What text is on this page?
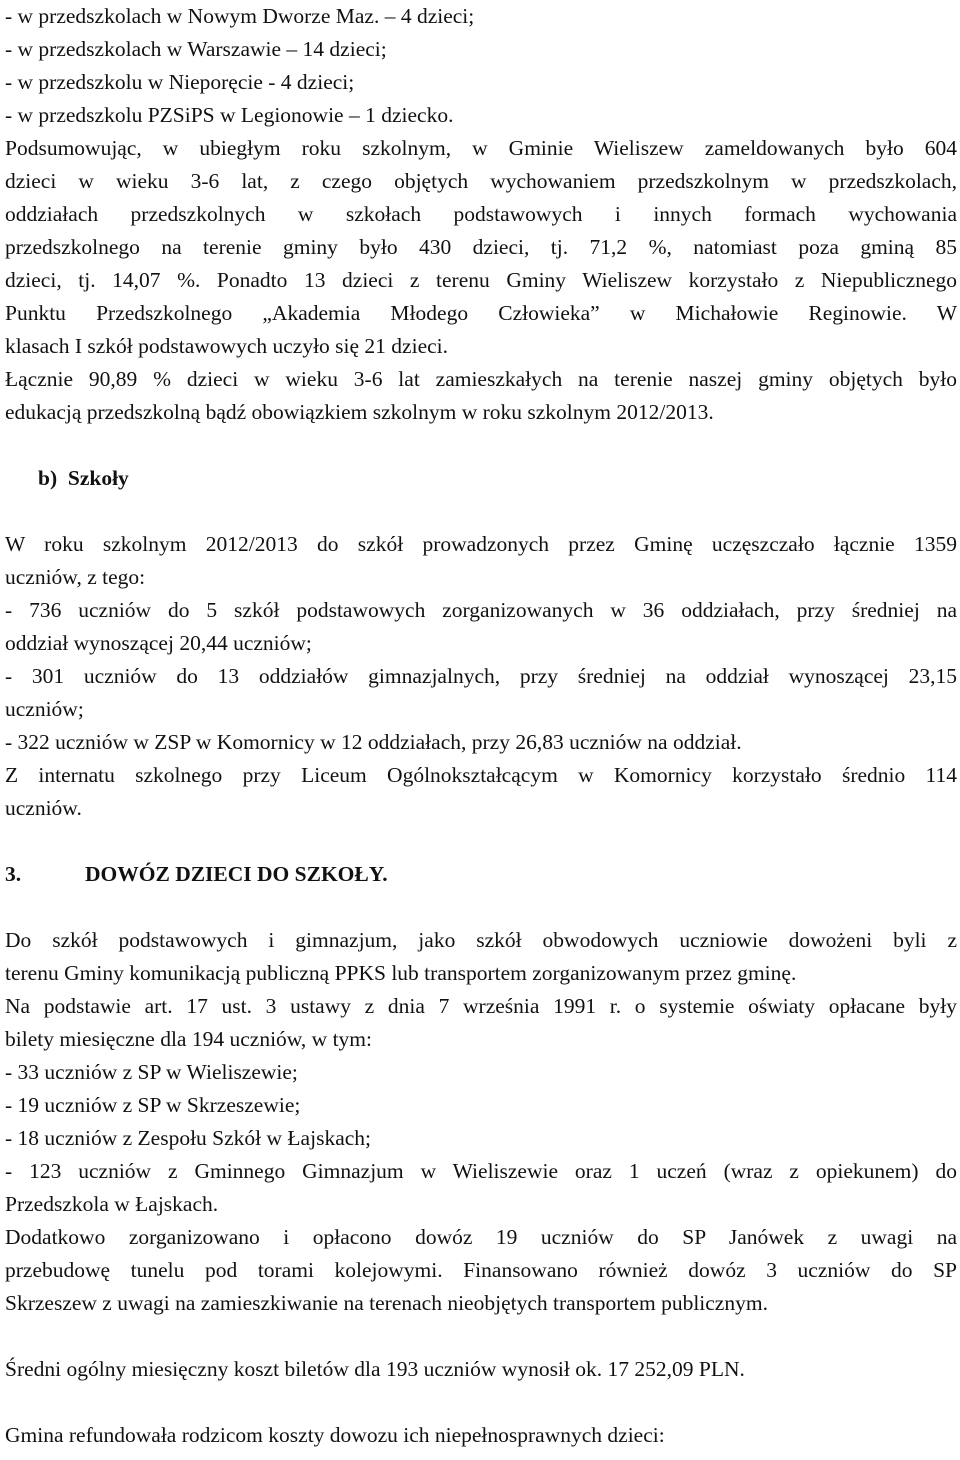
- w przedszkolach w Nowym Dworze Maz. – 4 dzieci;
- w przedszkolach w Warszawie – 14 dzieci;
- w przedszkolu w Nieporęcie - 4 dzieci;
- w przedszkolu PZSiPS w Legionowie – 1 dziecko.
Podsumowując, w ubiegłym roku szkolnym, w Gminie Wieliszew zameldowanych było 604
dzieci w wieku 3-6 lat, z czego objętych wychowaniem przedszkolnym w przedszkolach,
oddziałach przedszkolnych w szkołach podstawowych i innych formach wychowania
przedszkolnego na terenie gminy było 430 dzieci, tj. 71,2 %, natomiast poza gminą 85
dzieci, tj. 14,07 %. Ponadto 13 dzieci z terenu Gminy Wieliszew korzystało z Niepublicznego
Punktu Przedszkolnego „Akademia Młodego Człowieka” w Michałowie Reginowie. W
klasach I szkół podstawowych uczyło się 21 dzieci.
Łącznie 90,89 % dzieci w wieku 3-6 lat zamieszkałych na terenie naszej gminy objętych było
edukacją przedszkolną bądź obowiązkiem szkolnym w roku szkolnym 2012/2013.
b)  Szkoły
W roku szkolnym 2012/2013 do szkół prowadzonych przez Gminę uczęszczało łącznie 1359
uczniów, z tego:
- 736 uczniów do 5 szkół podstawowych zorganizowanych w 36 oddziałach, przy średniej na
oddział wynoszącej 20,44 uczniów;
- 301 uczniów do 13 oddziałów gimnazjalnych, przy średniej na oddział wynoszącej 23,15
uczniów;
- 322 uczniów w ZSP w Komornicy w 12 oddziałach, przy 26,83 uczniów na oddział.
Z internatu szkolnego przy Liceum Ogólnokształcącym w Komornicy korzystało średnio 114
uczniów.
3.	DOWÓZ DZIECI DO SZKOŁY.
Do szkół podstawowych i gimnazjum, jako szkół obwodowych uczniowie dowożeni byli z
terenu Gminy komunikacją publiczną PPKS lub transportem zorganizowanym przez gminę.
Na podstawie art. 17 ust. 3 ustawy z dnia 7 września 1991 r. o systemie oświaty opłacane były
bilety miesięczne dla 194 uczniów, w tym:
- 33 uczniów z SP w Wieliszewie;
- 19 uczniów z SP w Skrzeszewie;
- 18 uczniów z Zespołu Szkół w Łajskach;
- 123 uczniów z Gminnego Gimnazjum w Wieliszewie oraz 1 uczeń (wraz z opiekunem) do
Przedszkola w Łajskach.
Dodatkowo zorganizowano i opłacono dowóz 19 uczniów do SP Janówek z uwagi na
przebudowę tunelu pod torami kolejowymi. Finansowano również dowóz 3 uczniów do SP
Skrzeszew z uwagi na zamieszkiwanie na terenach nieobjętych transportem publicznym.
Średni ogólny miesięczny koszt biletów dla 193 uczniów wynosił ok. 17 252,09 PLN.
Gmina refundowała rodzicom koszty dowozu ich niepełnosprawnych dzieci:
